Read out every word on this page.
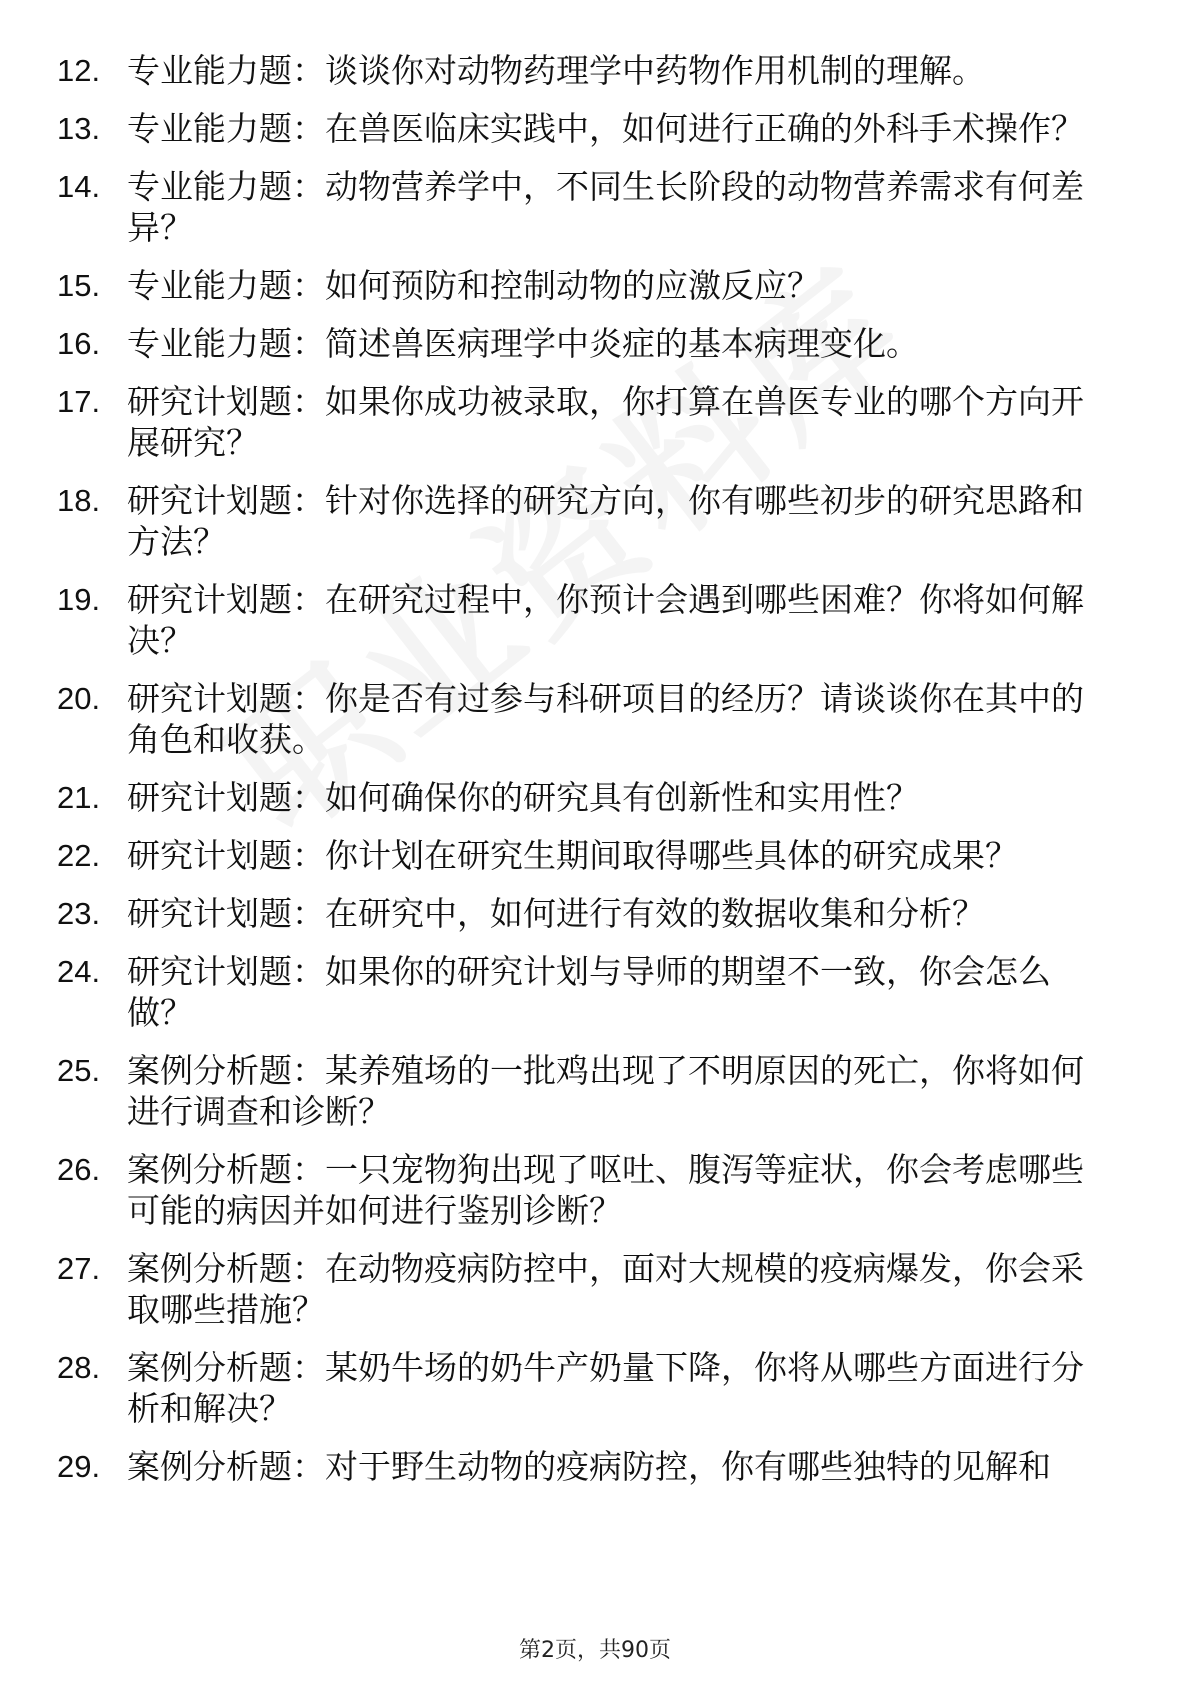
12. 专业能力题：谈谈你对动物药理学中药物作用机制的理解。
13. 专业能力题：在兽医临床实践中，如何进行正确的外科手术操作？
14. 专业能力题：动物营养学中，不同生长阶段的动物营养需求有何差异？
15. 专业能力题：如何预防和控制动物的应激反应？
16. 专业能力题：简述兽医病理学中炎症的基本病理变化。
17. 研究计划题：如果你成功被录取，你打算在兽医专业的哪个方向开展研究？
18. 研究计划题：针对你选择的研究方向，你有哪些初步的研究思路和方法？
19. 研究计划题：在研究过程中，你预计会遇到哪些困难？你将如何解决？
20. 研究计划题：你是否有过参与科研项目的经历？请谈谈你在其中的角色和收获。
21. 研究计划题：如何确保你的研究具有创新性和实用性？
22. 研究计划题：你计划在研究生期间取得哪些具体的研究成果？
23. 研究计划题：在研究中，如何进行有效的数据收集和分析？
24. 研究计划题：如果你的研究计划与导师的期望不一致，你会怎么做？
25. 案例分析题：某养殖场的一批鸡出现了不明原因的死亡，你将如何进行调查和诊断？
26. 案例分析题：一只宠物狗出现了呕吐、腹泻等症状，你会考虑哪些可能的病因并如何进行鉴别诊断？
27. 案例分析题：在动物疫病防控中，面对大规模的疫病爆发，你会采取哪些措施？
28. 案例分析题：某奶牛场的奶牛产奶量下降，你将从哪些方面进行分析和解决？
29. 案例分析题：对于野生动物的疫病防控，你有哪些独特的见解和
第2页，共90页
